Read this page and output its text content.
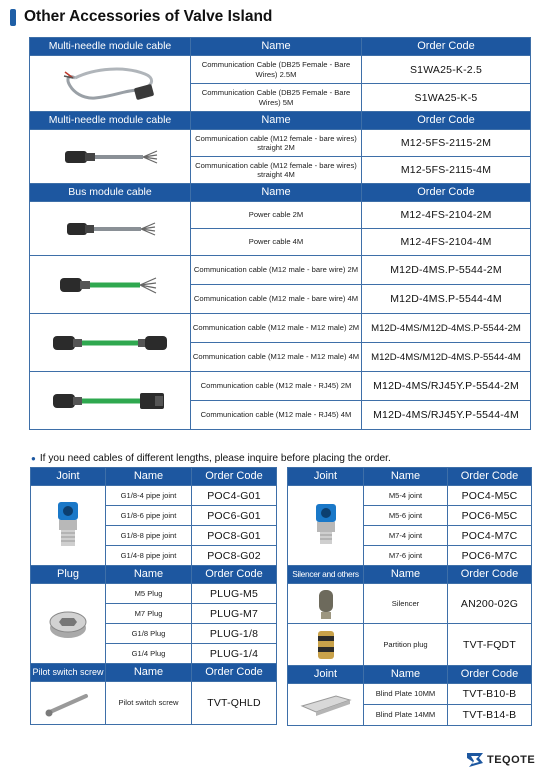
Other Accessories of Valve Island
Multi-needle module cable	Name	Order Code

	Communication Cable (DB25 Female - Bare Wires) 2.5M	S1WA25-K-2.5
	Communication Cable (DB25 Female - Bare Wires) 5M	S1WA25-K-5
Multi-needle module cable	Name	Order Code

	Communication cable (M12 female - bare wires) straight 2M	M12-5FS-2115-2M
	Communication cable (M12 female - bare wires) straight 4M	M12-5FS-2115-4M
Bus module cable	Name	Order Code

	Power cable 2M	M12-4FS-2104-2M
	Power cable 4M	M12-4FS-2104-4M

	Communication cable (M12 male - bare wire) 2M	M12D-4MS.P-5544-2M
	Communication cable (M12 male - bare wire) 4M	M12D-4MS.P-5544-4M

	Communication cable (M12 male - M12 male) 2M	M12D-4MS/M12D-4MS.P-5544-2M
	Communication cable (M12 male - M12 male) 4M	M12D-4MS/M12D-4MS.P-5544-4M

	Communication cable (M12 male - RJ45) 2M	M12D-4MS/RJ45Y.P-5544-2M
	Communication cable (M12 male - RJ45) 4M	M12D-4MS/RJ45Y.P-5544-4M
● If you need cables of different lengths, please inquire before placing the order.
Joint	Name	Order Code

	G1/8-4 pipe joint	POC4-G01
	G1/8-6 pipe joint	POC6-G01
	G1/8-8 pipe joint	POC8-G01
	G1/4-8 pipe joint	POC8-G02
Plug	Name	Order Code

	M5 Plug	PLUG-M5
	M7 Plug	PLUG-M7
	G1/8 Plug	PLUG-1/8
	G1/4 Plug	PLUG-1/4
Pilot switch screw	Name	Order Code

	Pilot switch screw	TVT-QHLD
Joint	Name	Order Code

	M5-4 joint	POC4-M5C
	M5-6 joint	POC6-M5C
	M7-4 joint	POC4-M7C
	M7-6 joint	POC6-M7C
Silencer and others	Name	Order Code

	Silencer	AN200-02G

	Partition plug	TVT-FQDT
Joint	Name	Order Code

	Blind Plate 10MM	TVT-B10-B
	Blind Plate 14MM	TVT-B14-B
TEQOTE
